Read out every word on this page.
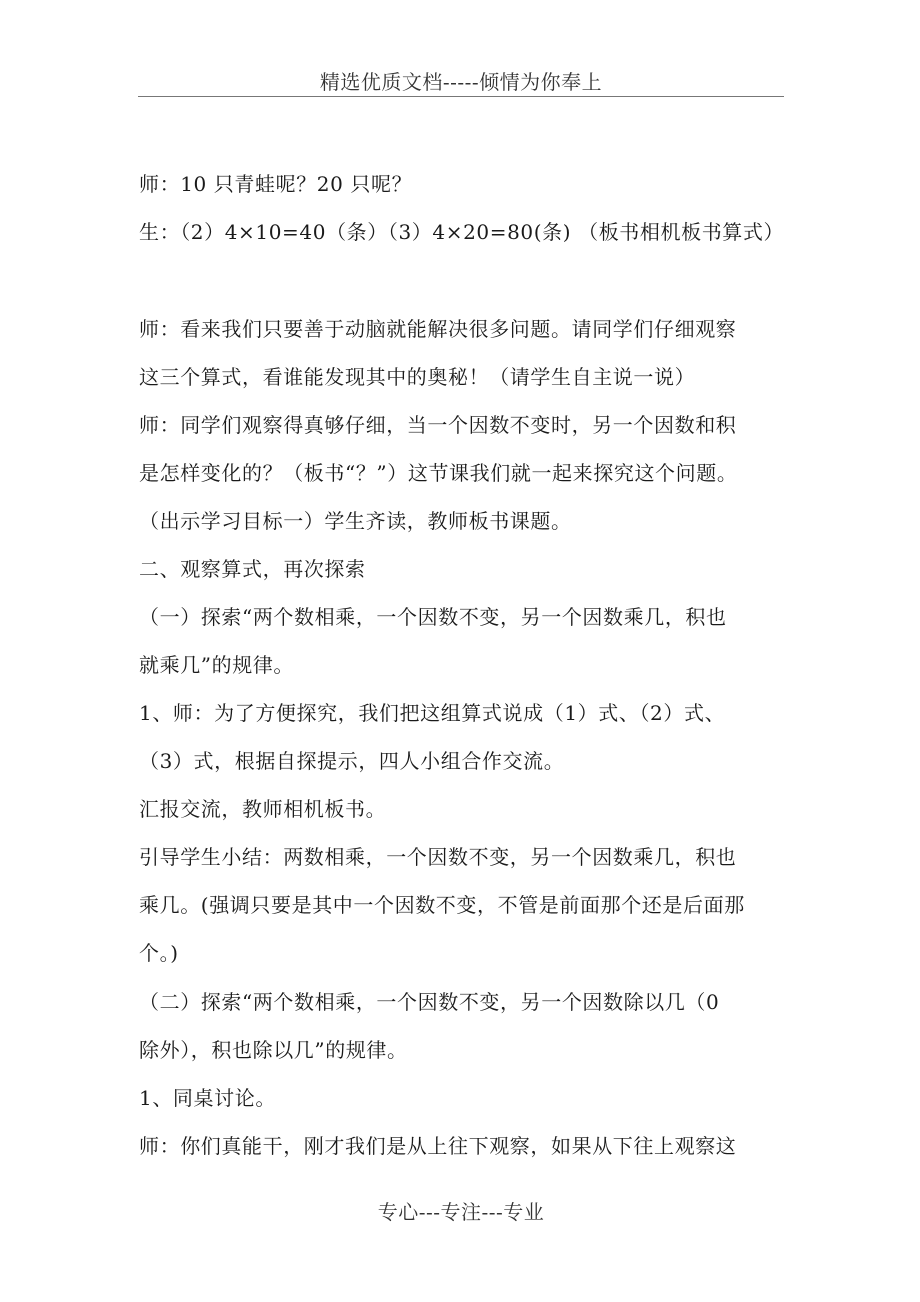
精选优质文档-----倾情为你奉上
师：10 只青蛙呢？20 只呢？
生：（2）4×10=40（条）（3）4×20=80(条) （板书相机板书算式）
师：看来我们只要善于动脑就能解决很多问题。请同学们仔细观察
这三个算式，看谁能发现其中的奥秘！（请学生自主说一说）
师：同学们观察得真够仔细，当一个因数不变时，另一个因数和积
是怎样变化的？（板书“？”）这节课我们就一起来探究这个问题。
（出示学习目标一）学生齐读，教师板书课题。
二、观察算式，再次探索
（一）探索“两个数相乘，一个因数不变，另一个因数乘几，积也
就乘几”的规律。
1、师：为了方便探究，我们把这组算式说成（1）式、（2）式、
（3）式，根据自探提示，四人小组合作交流。
汇报交流，教师相机板书。
引导学生小结：两数相乘，一个因数不变，另一个因数乘几，积也
乘几。(强调只要是其中一个因数不变，不管是前面那个还是后面那
个。)
（二）探索“两个数相乘，一个因数不变，另一个因数除以几（0
除外），积也除以几”的规律。
1、同桌讨论。
师：你们真能干，刚才我们是从上往下观察，如果从下往上观察这
专心---专注---专业
